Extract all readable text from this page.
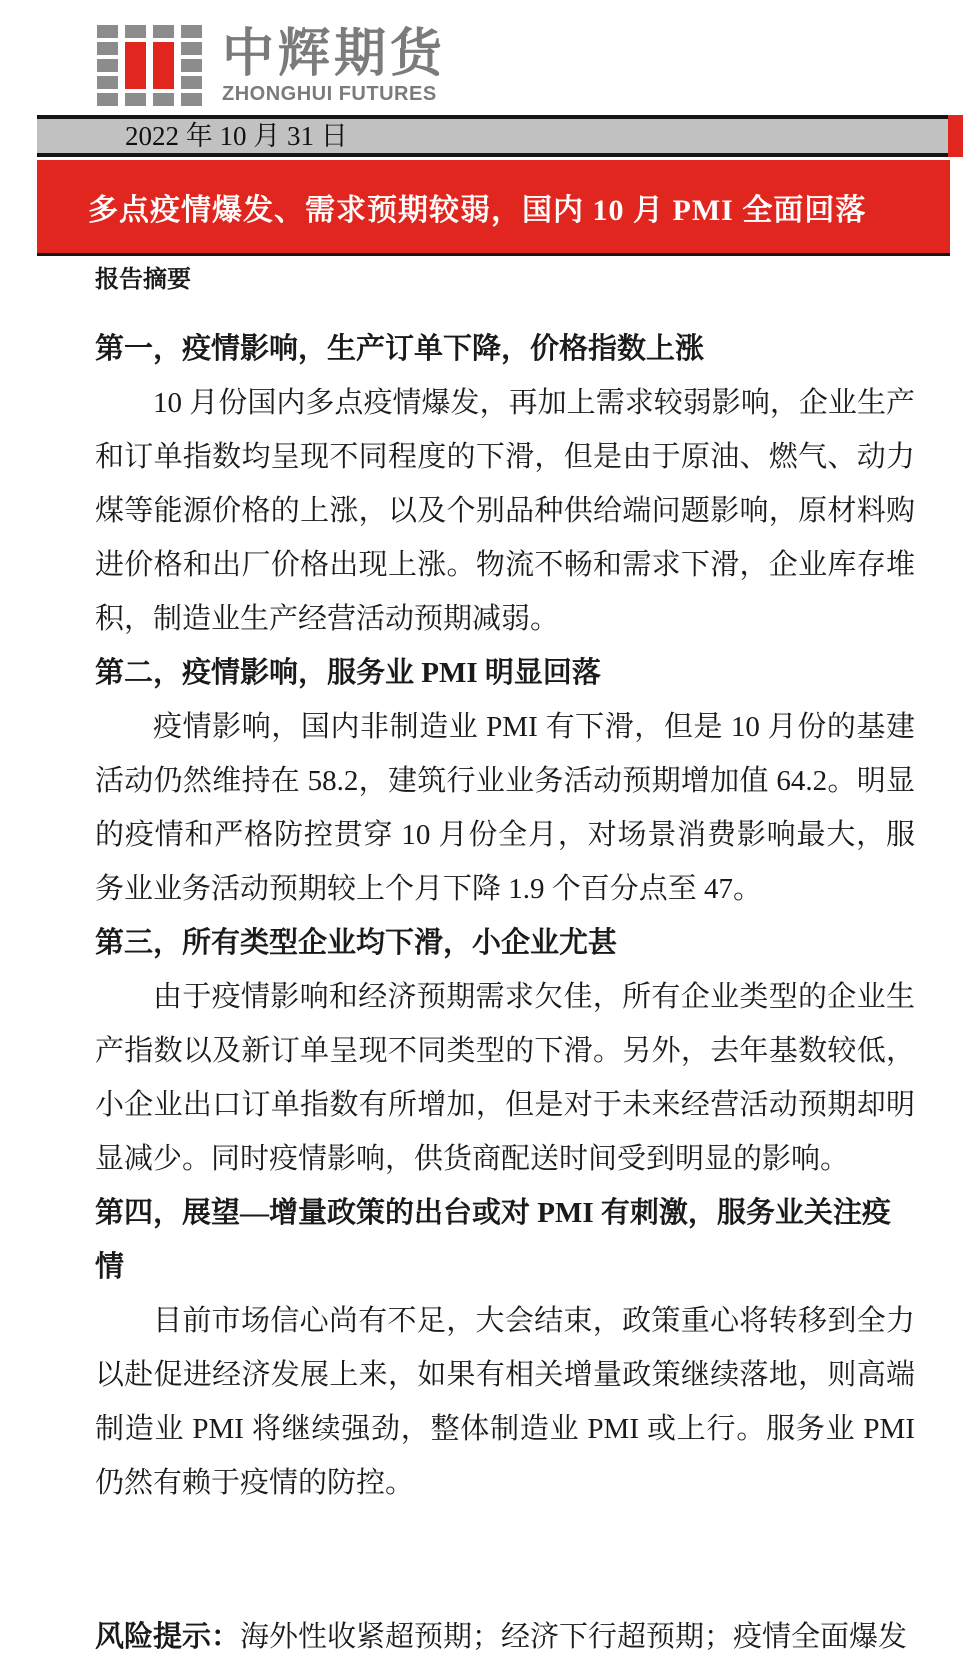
中辉期货
ZHONGHUI FUTURES
2022 年 10 月 31 日
多点疫情爆发、需求预期较弱，国内 10 月 PMI 全面回落
报告摘要
第一，疫情影响，生产订单下降，价格指数上涨

10 月份国内多点疫情爆发，再加上需求较弱影响，企业生产和订单指数均呈现不同程度的下滑，但是由于原油、燃气、动力煤等能源价格的上涨，以及个别品种供给端问题影响，原材料购进价格和出厂价格出现上涨。物流不畅和需求下滑，企业库存堆积，制造业生产经营活动预期减弱。

第二，疫情影响，服务业 PMI 明显回落

疫情影响，国内非制造业 PMI 有下滑，但是 10 月份的基建活动仍然维持在 58.2，建筑行业业务活动预期增加值 64.2。明显的疫情和严格防控贯穿 10 月份全月，对场景消费影响最大，服务业业务活动预期较上个月下降 1.9 个百分点至 47。

第三，所有类型企业均下滑，小企业尤甚

由于疫情影响和经济预期需求欠佳，所有企业类型的企业生产指数以及新订单呈现不同类型的下滑。另外，去年基数较低，小企业出口订单指数有所增加，但是对于未来经营活动预期却明显减少。同时疫情影响，供货商配送时间受到明显的影响。

第四，展望—增量政策的出台或对 PMI 有刺激，服务业关注疫情

目前市场信心尚有不足，大会结束，政策重心将转移到全力以赴促进经济发展上来，如果有相关增量政策继续落地，则高端制造业 PMI 将继续强劲，整体制造业 PMI 或上行。服务业 PMI 仍然有赖于疫情的防控。

风险提示：海外性收紧超预期；经济下行超预期；疫情全面爆发
